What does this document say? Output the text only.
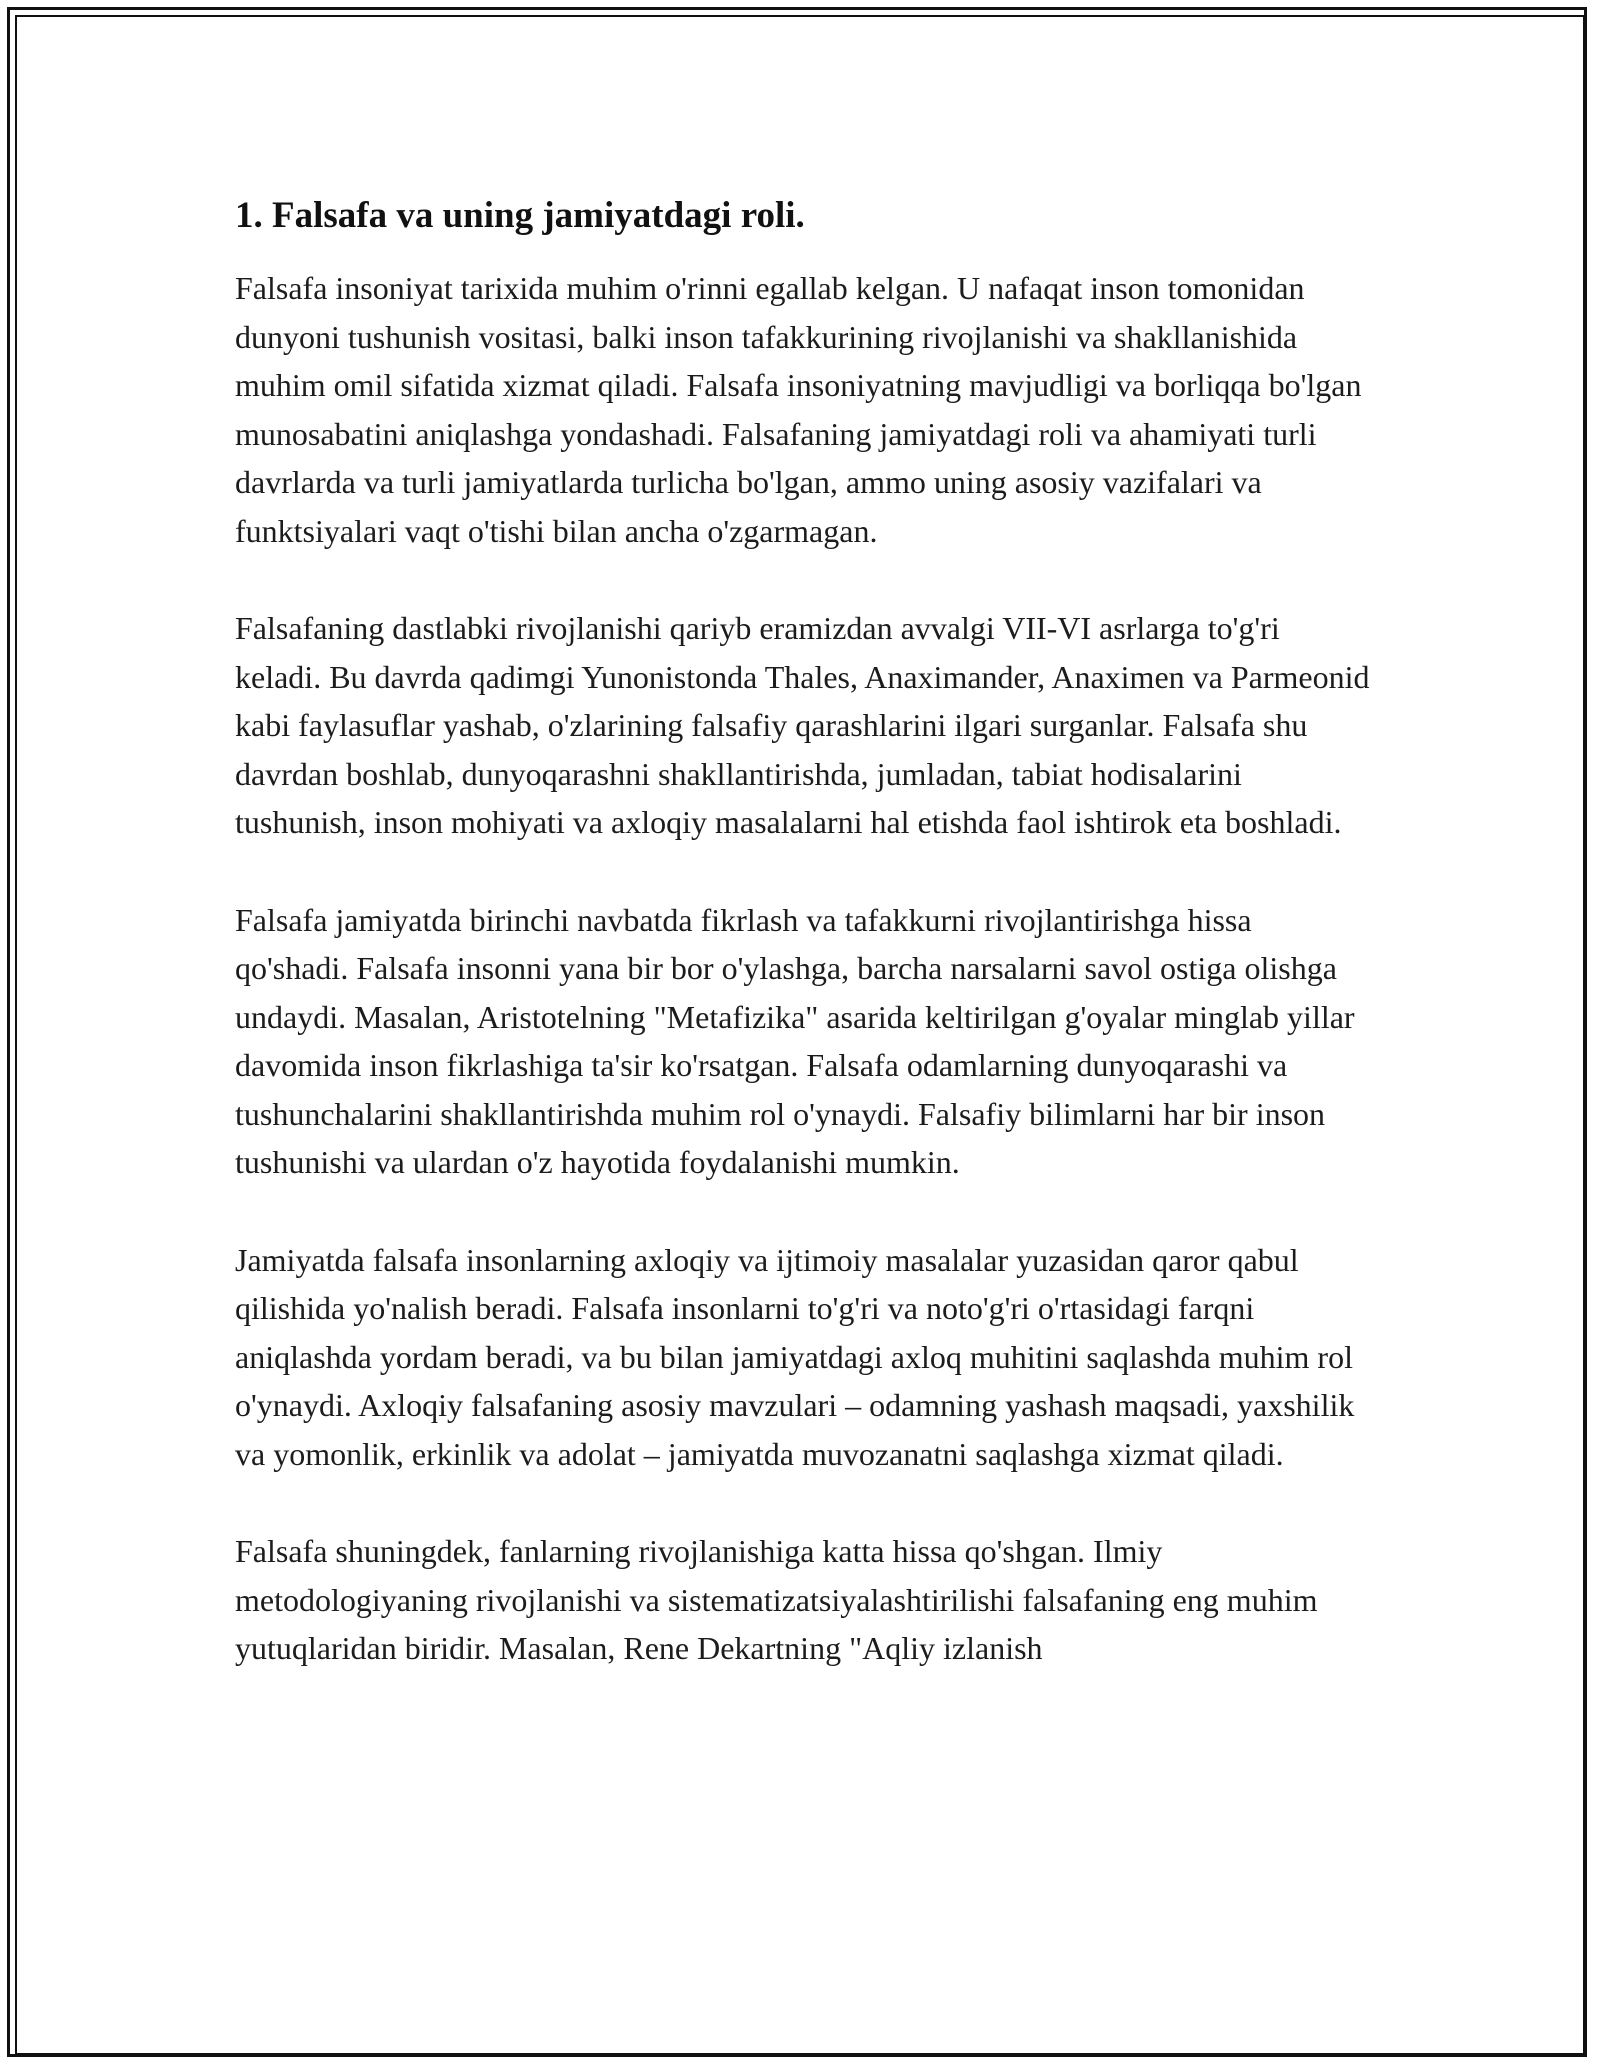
1. Falsafa va uning jamiyatdagi roli.

Falsafa insoniyat tarixida muhim o'rinni egallab kelgan. U nafaqat inson tomonidan dunyoni tushunish vositasi, balki inson tafakkurining rivojlanishi va shakllanishida muhim omil sifatida xizmat qiladi. Falsafa insoniyatning mavjudligi va borliqqa bo'lgan munosabatini aniqlashga yondashadi. Falsafaning jamiyatdagi roli va ahamiyati turli davrlarda va turli jamiyatlarda turlicha bo'lgan, ammo uning asosiy vazifalari va funktsiyalari vaqt o'tishi bilan ancha o'zgarmagan.

Falsafaning dastlabki rivojlanishi qariyb eramizdan avvalgi VII-VI asrlarga to'g'ri keladi. Bu davrda qadimgi Yunonistonda Thales, Anaximander, Anaximen va Parmeonid kabi faylasuflar yashab, o'zlarining falsafiy qarashlarini ilgari surganlar. Falsafa shu davrdan boshlab, dunyoqarashni shakllantirishda, jumladan, tabiat hodisalarini tushunish, inson mohiyati va axloqiy masalalarni hal etishda faol ishtirok eta boshladi.

Falsafa jamiyatda birinchi navbatda fikrlash va tafakkurni rivojlantirishga hissa qo'shadi. Falsafa insonni yana bir bor o'ylashga, barcha narsalarni savol ostiga olishga undaydi. Masalan, Aristotelning "Metafizika" asarida keltirilgan g'oyalar minglab yillar davomida inson fikrlashiga ta'sir ko'rsatgan. Falsafa odamlarning dunyoqarashi va tushunchalarini shakllantirishda muhim rol o'ynaydi. Falsafiy bilimlarni har bir inson tushunishi va ulardan o'z hayotida foydalanishi mumkin.

Jamiyatda falsafa insonlarning axloqiy va ijtimoiy masalalar yuzasidan qaror qabul qilishida yo'nalish beradi. Falsafa insonlarni to'g'ri va noto'g'ri o'rtasidagi farqni aniqlashda yordam beradi, va bu bilan jamiyatdagi axloq muhitini saqlashda muhim rol o'ynaydi. Axloqiy falsafaning asosiy mavzulari – odamning yashash maqsadi, yaxshilik va yomonlik, erkinlik va adolat – jamiyatda muvozanatni saqlashga xizmat qiladi.

Falsafa shuningdek, fanlarning rivojlanishiga katta hissa qo'shgan. Ilmiy metodologiyaning rivojlanishi va sistematizatsiyalashtirilishi falsafaning eng muhim yutuqlaridan biridir. Masalan, Rene Dekartning "Aqliy izlanish
